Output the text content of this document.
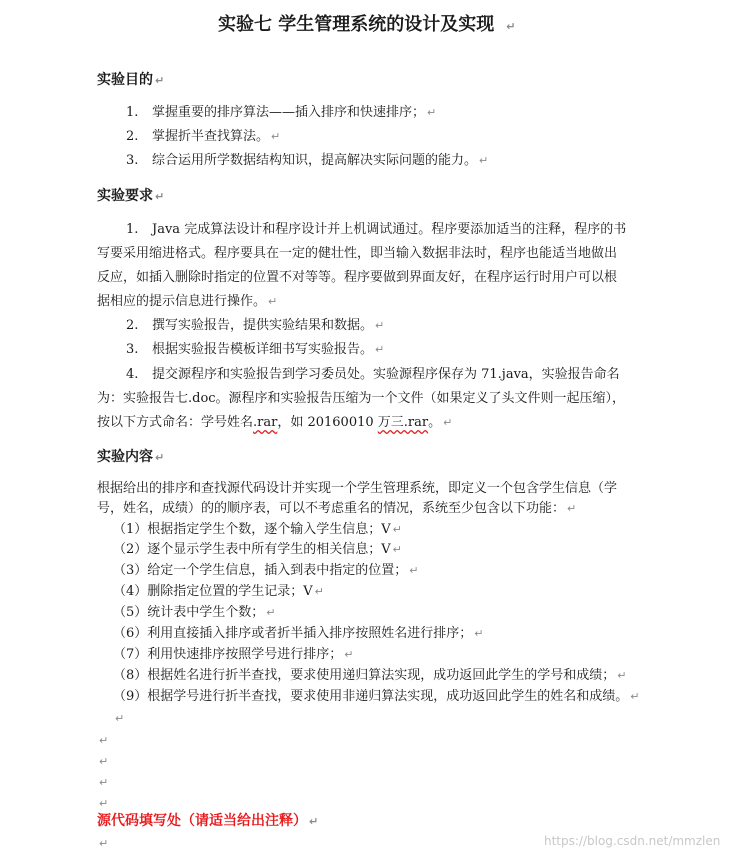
实验七 学生管理系统的设计及实现 ↵
实验目的 ↵
1. 掌握重要的排序算法——插入排序和快速排序； ↵
2. 掌握折半查找算法。 ↵
3. 综合运用所学数据结构知识，提高解决实际问题的能力。 ↵
实验要求 ↵
1. Java 完成算法设计和程序设计并上机调试通过。程序要添加适当的注释，程序的书
写要采用缩进格式。程序要具在一定的健壮性，即当输入数据非法时，程序也能适当地做出
反应，如插入删除时指定的位置不对等等。程序要做到界面友好，在程序运行时用户可以根
据相应的提示信息进行操作。 ↵
2. 撰写实验报告，提供实验结果和数据。 ↵
3. 根据实验报告模板详细书写实验报告。 ↵
4. 提交源程序和实验报告到学习委员处。实验源程序保存为 71.java，实验报告命名
为：实验报告七.doc。源程序和实验报告压缩为一个文件（如果定义了头文件则一起压缩），
按以下方式命名：学号姓名.rar，如 20160010 万三.rar。 ↵
实验内容 ↵
根据给出的排序和查找源代码设计并实现一个学生管理系统，即定义一个包含学生信息（学
号，姓名，成绩）的的顺序表，可以不考虑重名的情况，系统至少包含以下功能： ↵
（1）根据指定学生个数，逐个输入学生信息；V ↵
（2）逐个显示学生表中所有学生的相关信息；V ↵
（3）给定一个学生信息，插入到表中指定的位置； ↵
（4）删除指定位置的学生记录；V ↵
（5）统计表中学生个数； ↵
（6）利用直接插入排序或者折半插入排序按照姓名进行排序； ↵
（7）利用快速排序按照学号进行排序； ↵
（8）根据姓名进行折半查找，要求使用递归算法实现，成功返回此学生的学号和成绩； ↵
（9）根据学号进行折半查找，要求使用非递归算法实现，成功返回此学生的姓名和成绩。 ↵
↵
↵
↵
↵
↵
源代码填写处（请适当给出注释） ↵
↵	https://blog.csdn.net/mmzlen
